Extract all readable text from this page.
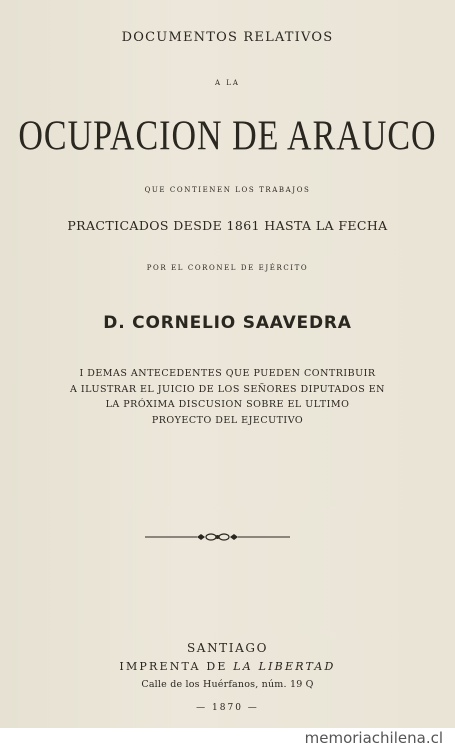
DOCUMENTOS RELATIVOS
A LA
OCUPACION DE ARAUCO
QUE CONTIENEN LOS TRABAJOS
PRACTICADOS DESDE 1861 HASTA LA FECHA
POR EL CORONEL DE EJÉRCITO
D. CORNELIO SAAVEDRA
I DEMAS ANTECEDENTES QUE PUEDEN CONTRIBUIR
A ILUSTRAR EL JUICIO DE LOS SEÑORES DIPUTADOS EN
LA PRÓXIMA DISCUSION SOBRE EL ULTIMO
PROYECTO DEL EJECUTIVO
SANTIAGO
IMPRENTA DE LA LIBERTAD
Calle de los Huérfanos, núm. 19 Q
— 1870 —
memoriachilena.cl
